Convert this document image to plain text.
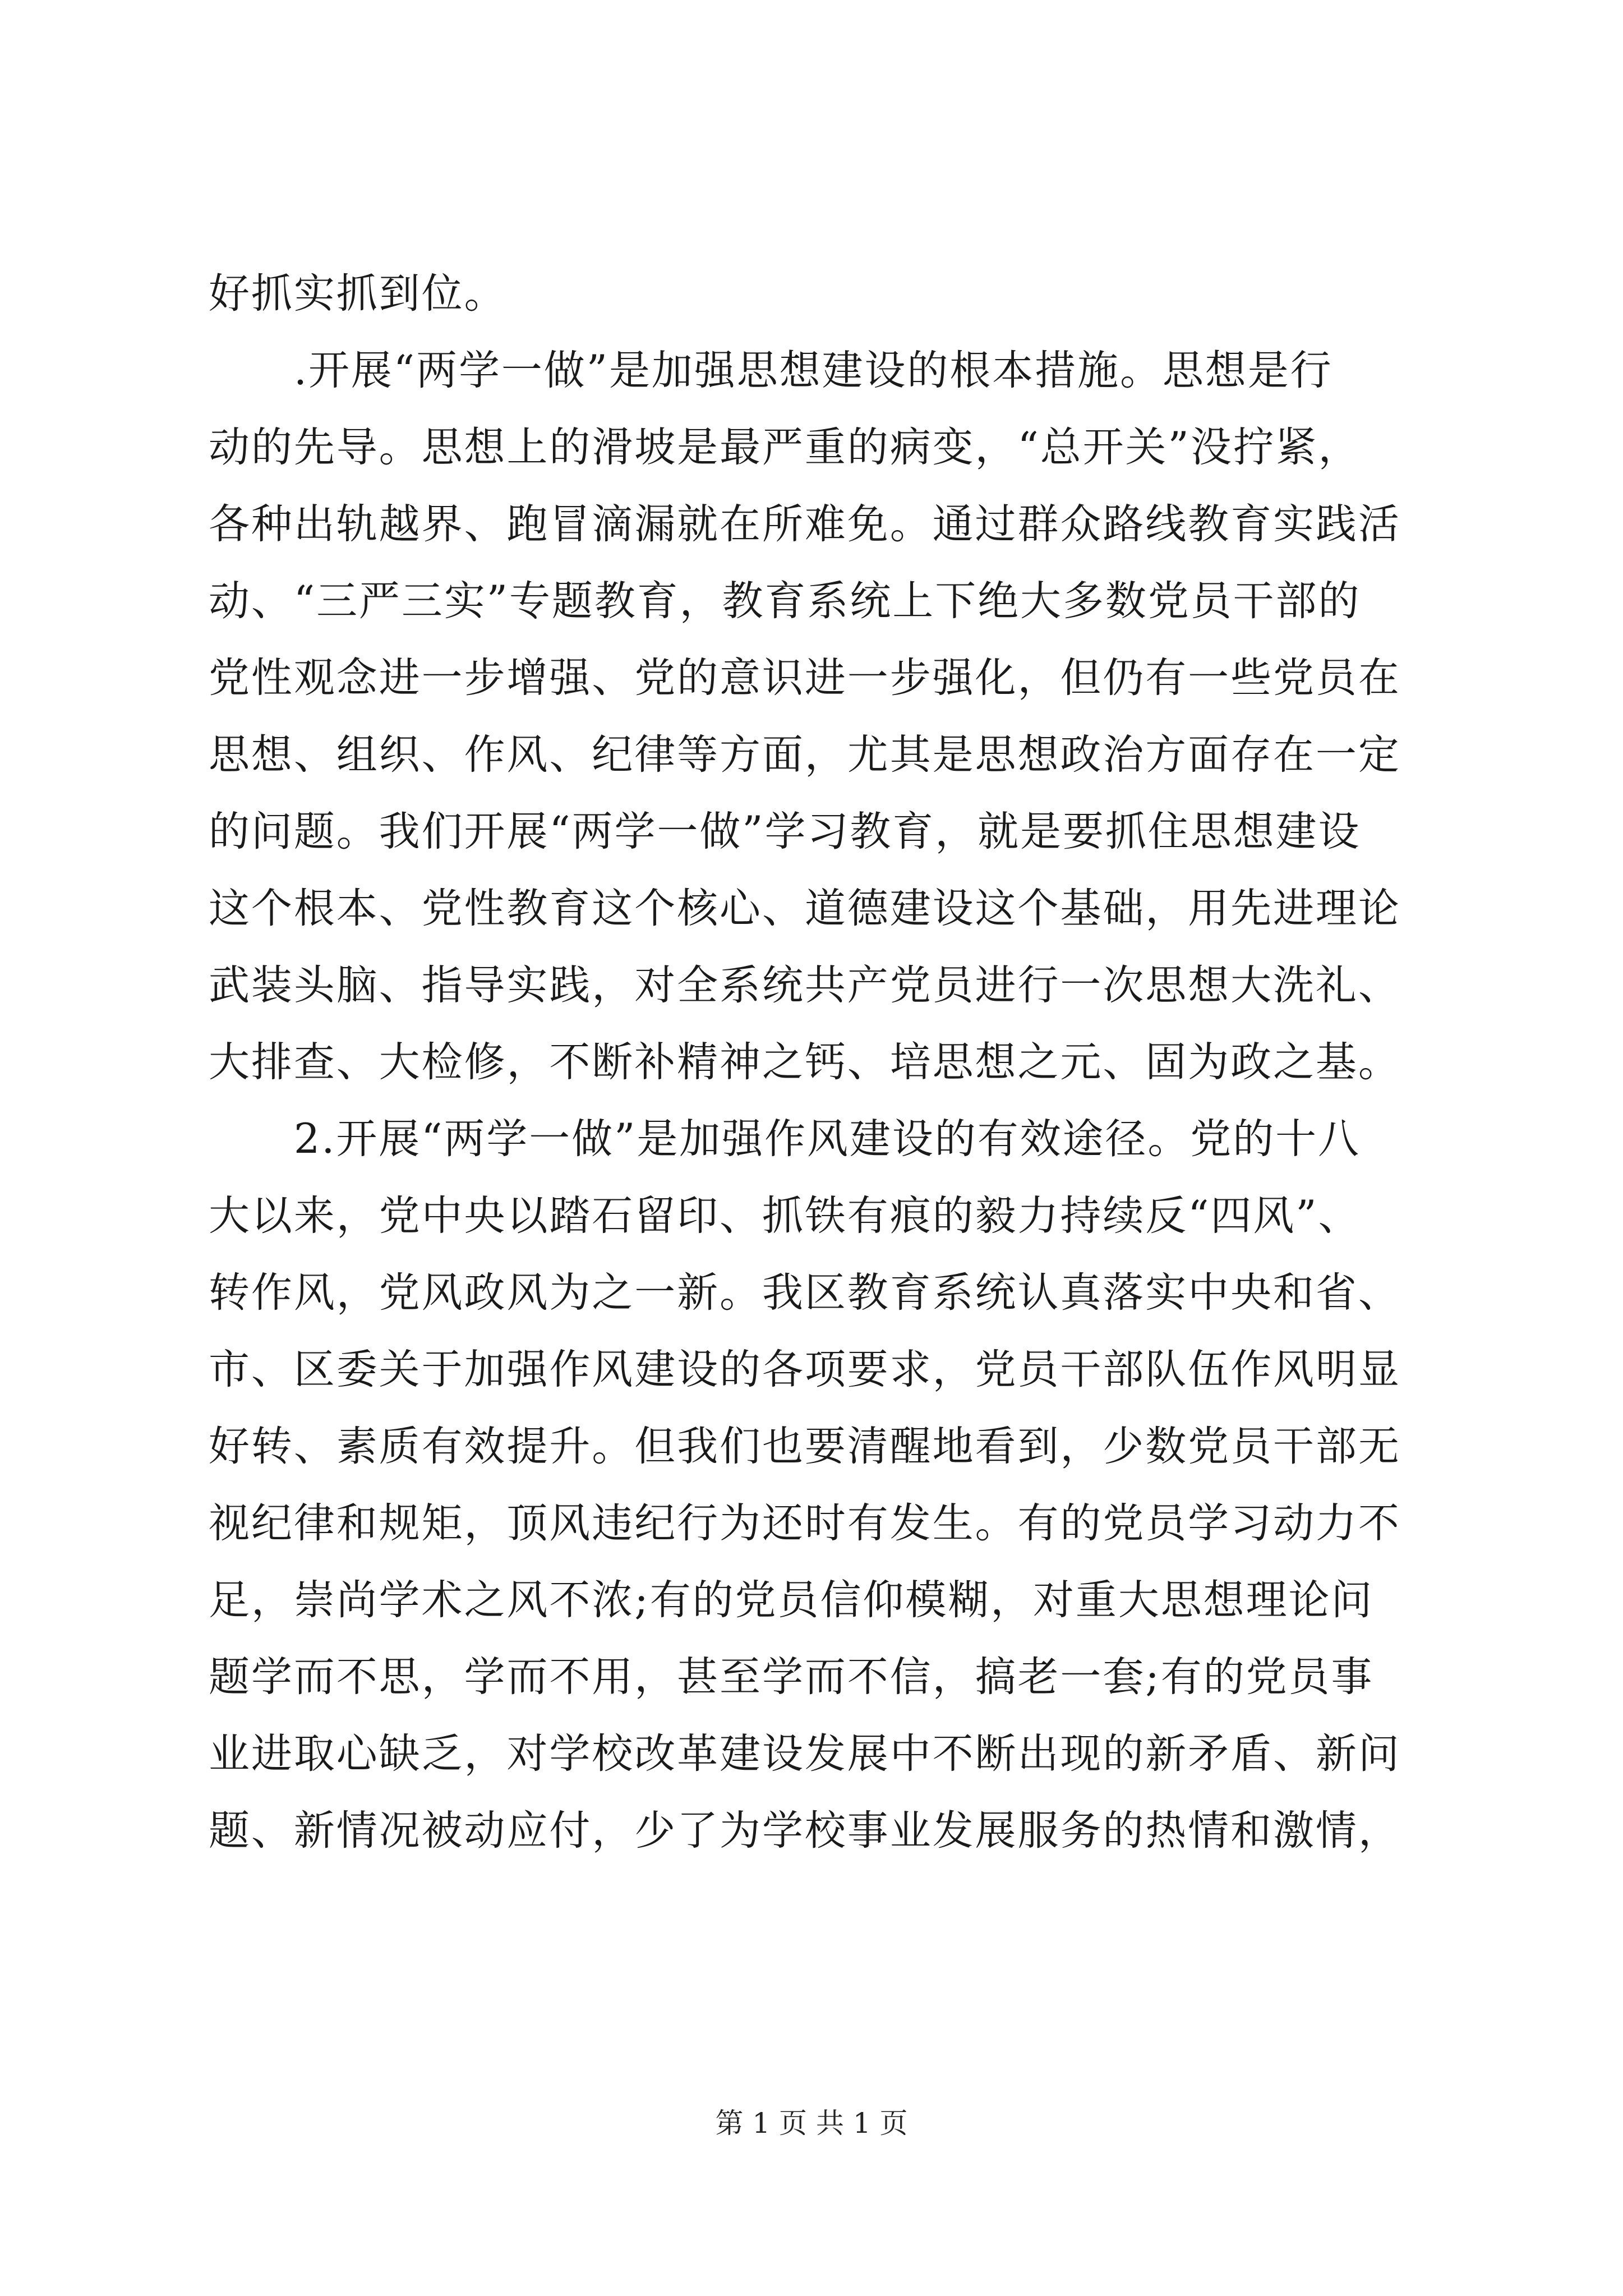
好抓实抓到位。
　　.开展“两学一做”是加强思想建设的根本措施。思想是行
动的先导。思想上的滑坡是最严重的病变，“总开关”没拧紧，
各种出轨越界、跑冒滴漏就在所难免。通过群众路线教育实践活
动、“三严三实”专题教育，教育系统上下绝大多数党员干部的
党性观念进一步增强、党的意识进一步强化，但仍有一些党员在
思想、组织、作风、纪律等方面，尤其是思想政治方面存在一定
的问题。我们开展“两学一做”学习教育，就是要抓住思想建设
这个根本、党性教育这个核心、道德建设这个基础，用先进理论
武装头脑、指导实践，对全系统共产党员进行一次思想大洗礼、
大排查、大检修，不断补精神之钙、培思想之元、固为政之基。
　　2.开展“两学一做”是加强作风建设的有效途径。党的十八
大以来，党中央以踏石留印、抓铁有痕的毅力持续反“四风”、
转作风，党风政风为之一新。我区教育系统认真落实中央和省、
市、区委关于加强作风建设的各项要求，党员干部队伍作风明显
好转、素质有效提升。但我们也要清醒地看到，少数党员干部无
视纪律和规矩，顶风违纪行为还时有发生。有的党员学习动力不
足，崇尚学术之风不浓;有的党员信仰模糊，对重大思想理论问
题学而不思，学而不用，甚至学而不信，搞老一套;有的党员事
业进取心缺乏，对学校改革建设发展中不断出现的新矛盾、新问
题、新情况被动应付，少了为学校事业发展服务的热情和激情，
第 1 页 共 1 页
